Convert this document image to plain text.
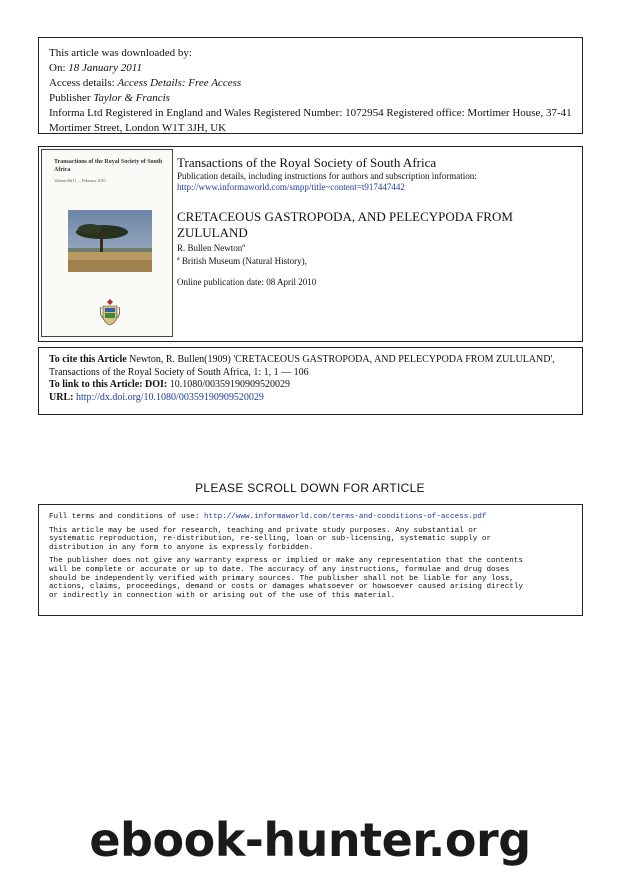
This article was downloaded by:
On: 18 January 2011
Access details: Access Details: Free Access
Publisher Taylor & Francis
Informa Ltd Registered in England and Wales Registered Number: 1072954 Registered office: Mortimer House, 37-41 Mortimer Street, London W1T 3JH, UK
Transactions of the Royal Society of South Africa
Volume 66(1) — February 2010

Transactions of the Royal Society of South Africa
Publication details, including instructions for authors and subscription information:
http://www.informaworld.com/smpp/title~content=t917447442
CRETACEOUS GASTROPODA, AND PELECYPODA FROM ZULULAND
R. Bullen Newton$^a$
$^a$ British Museum (Natural History),
Online publication date: 08 April 2010
To cite this Article Newton, R. Bullen(1909) 'CRETACEOUS GASTROPODA, AND PELECYPODA FROM ZULULAND', Transactions of the Royal Society of South Africa, 1: 1, 1 — 106
To link to this Article: DOI: 10.1080/00359190909520029
URL: http://dx.doi.org/10.1080/00359190909520029
PLEASE SCROLL DOWN FOR ARTICLE

Full terms and conditions of use: http://www.informaworld.com/terms-and-conditions-of-access.pdf

This article may be used for research, teaching and private study purposes. Any substantial or
systematic reproduction, re-distribution, re-selling, loan or sub-licensing, systematic supply or
distribution in any form to anyone is expressly forbidden.

The publisher does not give any warranty express or implied or make any representation that the contents
will be complete or accurate or up to date. The accuracy of any instructions, formulae and drug doses
should be independently verified with primary sources. The publisher shall not be liable for any loss,
actions, claims, proceedings, demand or costs or damages whatsoever or howsoever caused arising directly
or indirectly in connection with or arising out of the use of this material.

ebook-hunter.org
